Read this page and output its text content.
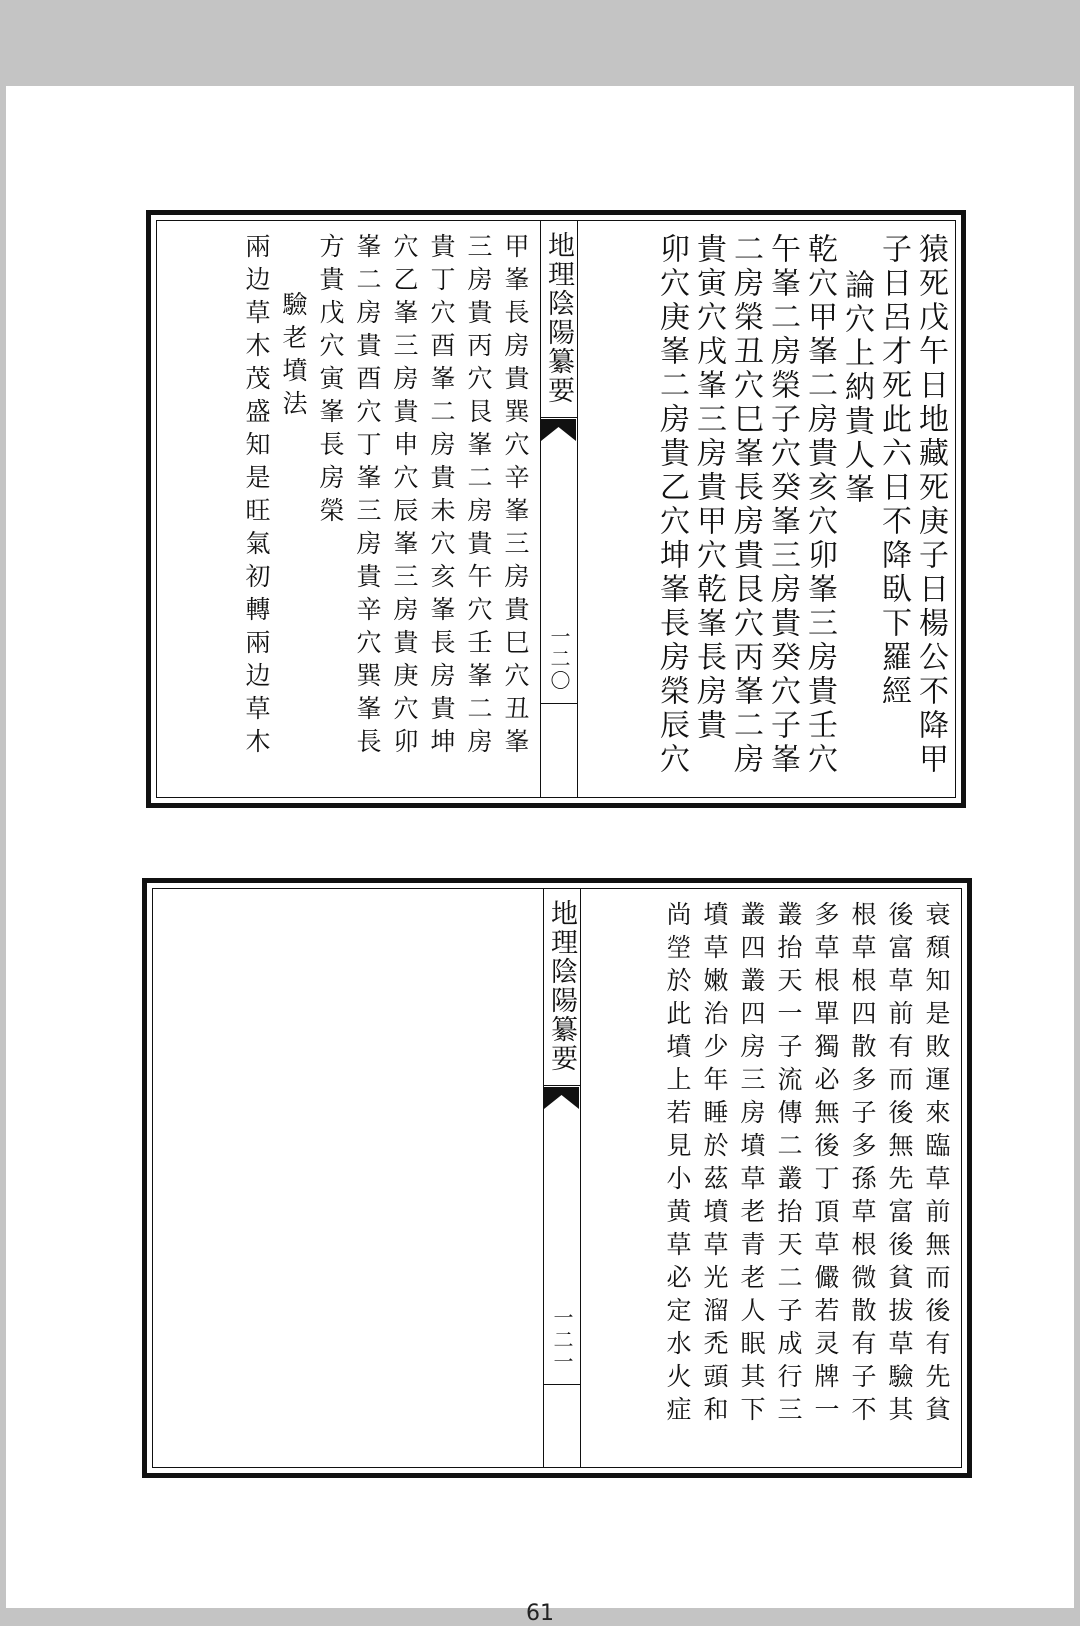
猿死戊午日地藏死庚子日楊公不降甲
子日呂才死此六日不降臥下羅經
論穴上納貴人峯
乾穴甲峯二房貴亥穴卯峯三房貴壬穴
午峯二房榮子穴癸峯三房貴癸穴子峯
二房榮丑穴巳峯長房貴艮穴丙峯二房
貴寅穴戌峯三房貴甲穴乾峯長房貴
卯穴庚峯二房貴乙穴坤峯長房榮辰穴
地理陰陽纂要
一二〇
甲峯長房貴巽穴辛峯三房貴巳穴丑峯
三房貴丙穴艮峯二房貴午穴壬峯二房
貴丁穴酉峯二房貴未穴亥峯長房貴坤
穴乙峯三房貴申穴辰峯三房貴庚穴卯
峯二房貴酉穴丁峯三房貴辛穴巽峯長
方貴戊穴寅峯長房榮
驗老墳法
兩边草木茂盛知是旺氣初轉兩边草木
衰頹知是敗運來臨草前無而後有先貧
後富草前有而後無先富後貧拔草驗其
根草根四散多子多孫草根微散有子不
多草根單獨必無後丁頂草儼若灵牌一
叢抬天一子流傳二叢抬天二子成行三
叢四叢四房三房墳草老青老人眠其下
墳草嫩治少年睡於茲墳草光溜禿頭和
尚塋於此墳上若見小黄草必定水火症
地理陰陽纂要
一二一
61
